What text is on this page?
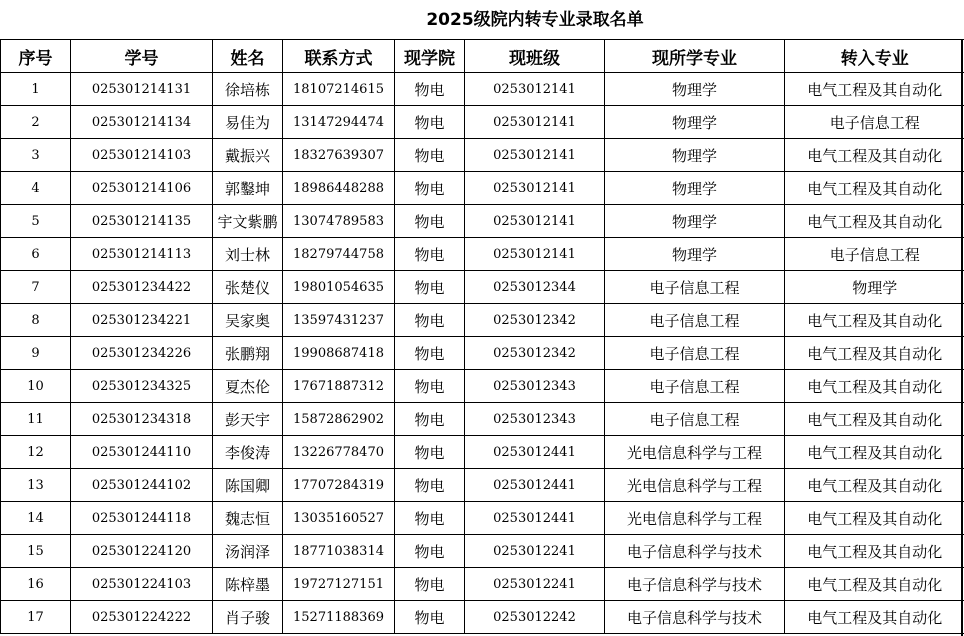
2025级院内转专业录取名单
序号	学号	姓名	联系方式	现学院	现班级	现所学专业	转入专业
1	025301214131	徐培栋	18107214615	物电	0253012141	物理学	电气工程及其自动化
2	025301214134	易佳为	13147294474	物电	0253012141	物理学	电子信息工程
3	025301214103	戴振兴	18327639307	物电	0253012141	物理学	电气工程及其自动化
4	025301214106	郭鑿坤	18986448288	物电	0253012141	物理学	电气工程及其自动化
5	025301214135	宇文紫鹏	13074789583	物电	0253012141	物理学	电气工程及其自动化
6	025301214113	刘士林	18279744758	物电	0253012141	物理学	电子信息工程
7	025301234422	张楚仪	19801054635	物电	0253012344	电子信息工程	物理学
8	025301234221	吴家奥	13597431237	物电	0253012342	电子信息工程	电气工程及其自动化
9	025301234226	张鹏翔	19908687418	物电	0253012342	电子信息工程	电气工程及其自动化
10	025301234325	夏杰伦	17671887312	物电	0253012343	电子信息工程	电气工程及其自动化
11	025301234318	彭天宇	15872862902	物电	0253012343	电子信息工程	电气工程及其自动化
12	025301244110	李俊涛	13226778470	物电	0253012441	光电信息科学与工程	电气工程及其自动化
13	025301244102	陈国卿	17707284319	物电	0253012441	光电信息科学与工程	电气工程及其自动化
14	025301244118	魏志恒	13035160527	物电	0253012441	光电信息科学与工程	电气工程及其自动化
15	025301224120	汤润泽	18771038314	物电	0253012241	电子信息科学与技术	电气工程及其自动化
16	025301224103	陈梓墨	19727127151	物电	0253012241	电子信息科学与技术	电气工程及其自动化
17	025301224222	肖子骏	15271188369	物电	0253012242	电子信息科学与技术	电气工程及其自动化
